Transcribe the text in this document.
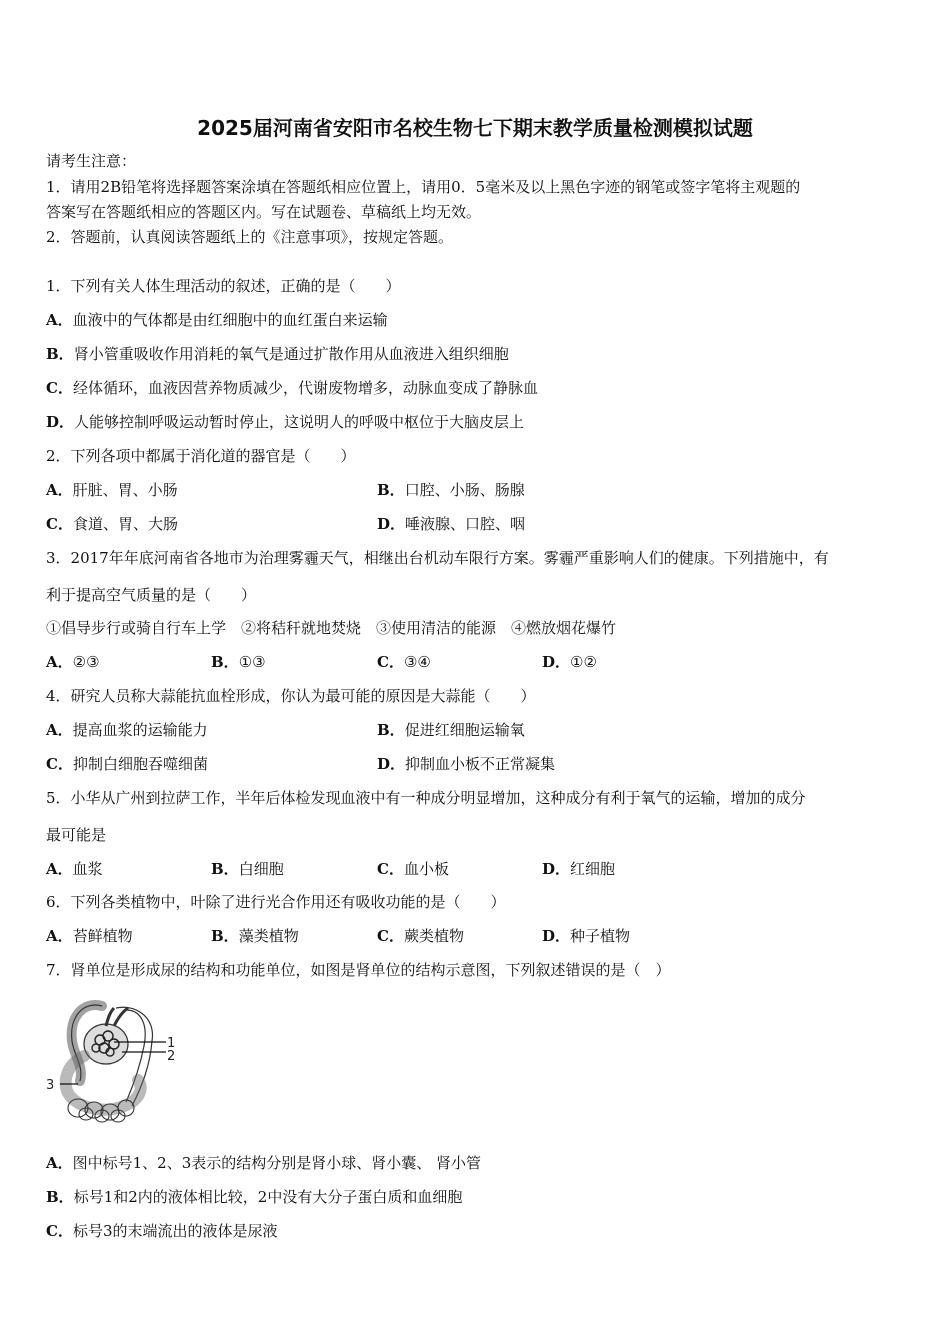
2025届河南省安阳市名校生物七下期末教学质量检测模拟试题
请考生注意：
1．请用2B铅笔将选择题答案涂填在答题纸相应位置上，请用0．5毫米及以上黑色字迹的钢笔或签字笔将主观题的
答案写在答题纸相应的答题区内。写在试题卷、草稿纸上均无效。
2．答题前，认真阅读答题纸上的《注意事项》，按规定答题。
1．下列有关人体生理活动的叙述，正确的是（　　）
A．血液中的气体都是由红细胞中的血红蛋白来运输
B．肾小管重吸收作用消耗的氧气是通过扩散作用从血液进入组织细胞
C．经体循环，血液因营养物质减少，代谢废物增多，动脉血变成了静脉血
D．人能够控制呼吸运动暂时停止，这说明人的呼吸中枢位于大脑皮层上
2．下列各项中都属于消化道的器官是（　　）
A．肝脏、胃、小肠	B．口腔、小肠、肠腺
C．食道、胃、大肠	D．唾液腺、口腔、咽
3．2017年年底河南省各地市为治理雾霾天气，相继出台机动车限行方案。雾霾严重影响人们的健康。下列措施中，有
利于提高空气质量的是（　　）
①倡导步行或骑自行车上学　②将秸秆就地焚烧　③使用清洁的能源　④燃放烟花爆竹
A．②③	B．①③	C．③④	D．①②
4．研究人员称大蒜能抗血栓形成，你认为最可能的原因是大蒜能（　　）
A．提高血浆的运输能力	B．促进红细胞运输氧
C．抑制白细胞吞噬细菌	D．抑制血小板不正常凝集
5．小华从广州到拉萨工作，半年后体检发现血液中有一种成分明显增加，这种成分有利于氧气的运输，增加的成分
最可能是
A．血浆	B．白细胞	C．血小板	D．红细胞
6．下列各类植物中，叶除了进行光合作用还有吸收功能的是（　　）
A．苔鲜植物	B．藻类植物	C．蕨类植物	D．种子植物
7．肾单位是形成尿的结构和功能单位，如图是肾单位的结构示意图，下列叙述错误的是（　）
1
2
3
A．图中标号1、2、3表示的结构分别是肾小球、肾小囊、 肾小管
B．标号1和2内的液体相比较，2中没有大分子蛋白质和血细胞
C．标号3的末端流出的液体是尿液
